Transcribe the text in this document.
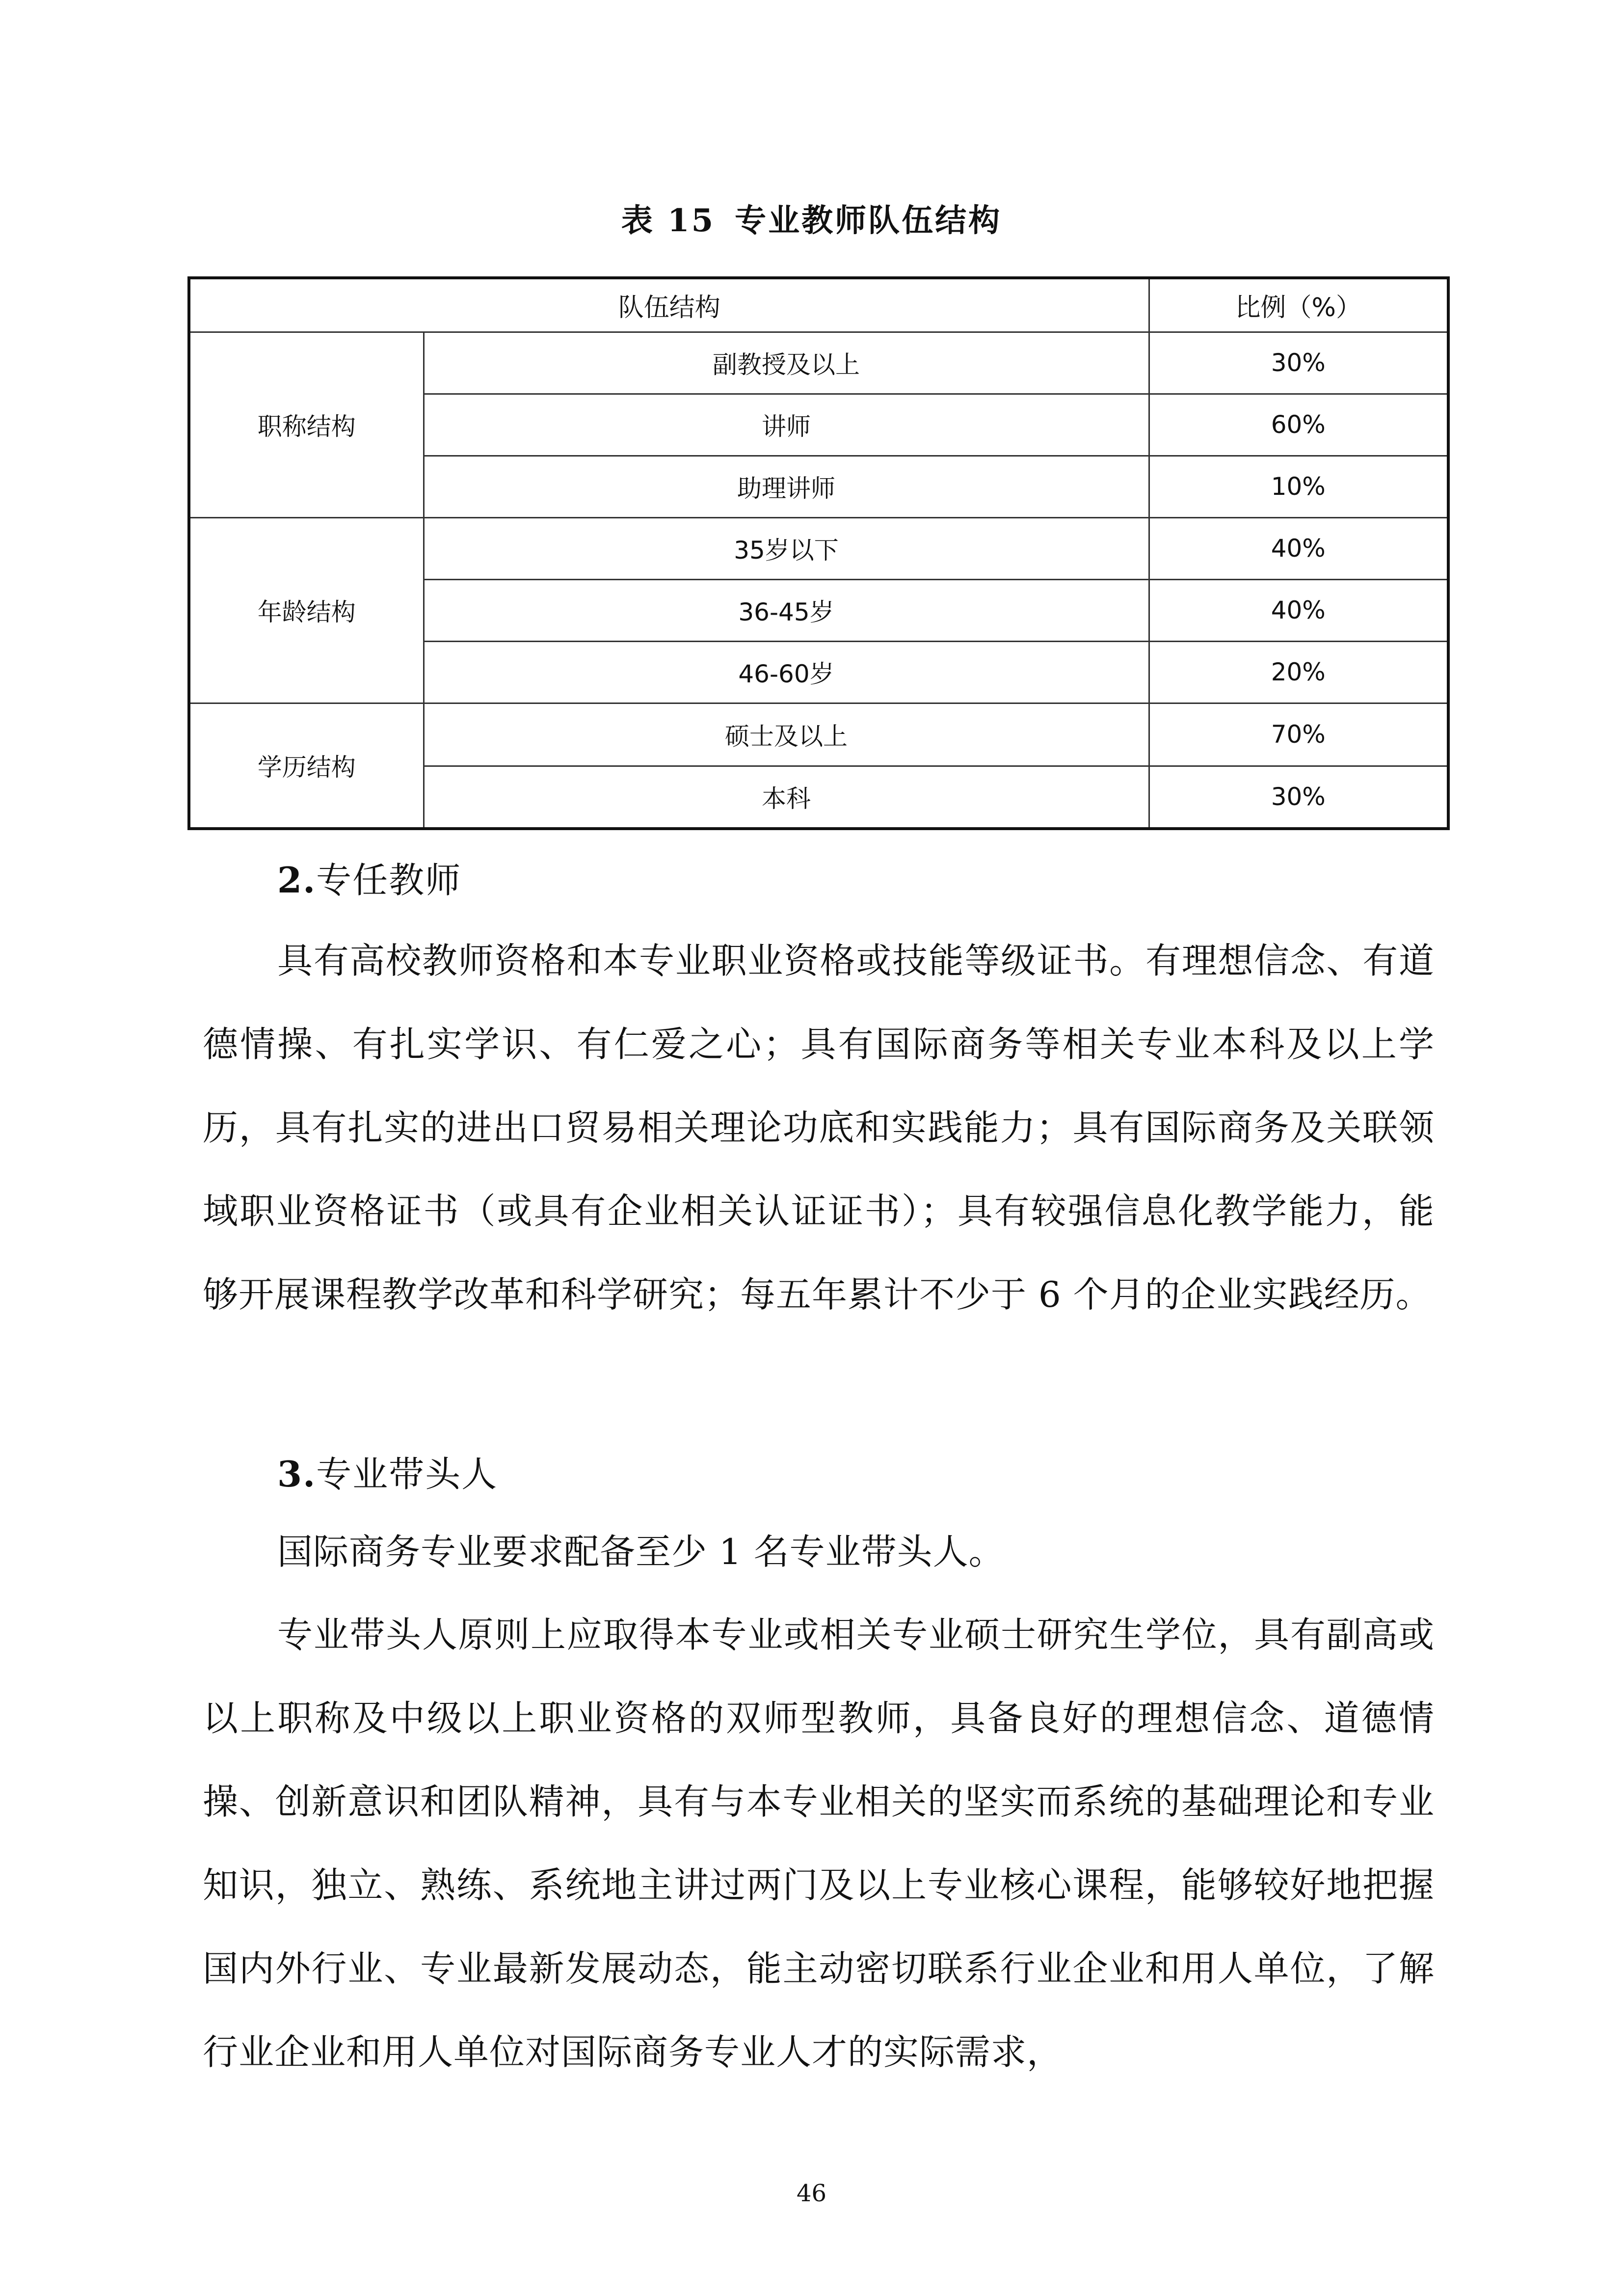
表 15 专业教师队伍结构
队伍结构		比例（%）
职称结构	副教授及以上	30%
	讲师	60%
	助理讲师	10%
年龄结构	35岁以下	40%
	36-45岁	40%
	46-60岁	20%
学历结构	硕士及以上	70%
	本科	30%
2.专任教师

具有高校教师资格和本专业职业资格或技能等级证书。有理想信念、有道德情操、有扎实学识、有仁爱之心；具有国际商务等相关专业本科及以上学历，具有扎实的进出口贸易相关理论功底和实践能力；具有国际商务及关联领域职业资格证书（或具有企业相关认证证书）；具有较强信息化教学能力，能够开展课程教学改革和科学研究；每五年累计不少于 6 个月的企业实践经历。

3.专业带头人

国际商务专业要求配备至少 1 名专业带头人。

专业带头人原则上应取得本专业或相关专业硕士研究生学位，具有副高或以上职称及中级以上职业资格的双师型教师，具备良好的理想信念、道德情操、创新意识和团队精神，具有与本专业相关的坚实而系统的基础理论和专业知识，独立、熟练、系统地主讲过两门及以上专业核心课程，能够较好地把握国内外行业、专业最新发展动态，能主动密切联系行业企业和用人单位，了解行业企业和用人单位对国际商务专业人才的实际需求，

46
